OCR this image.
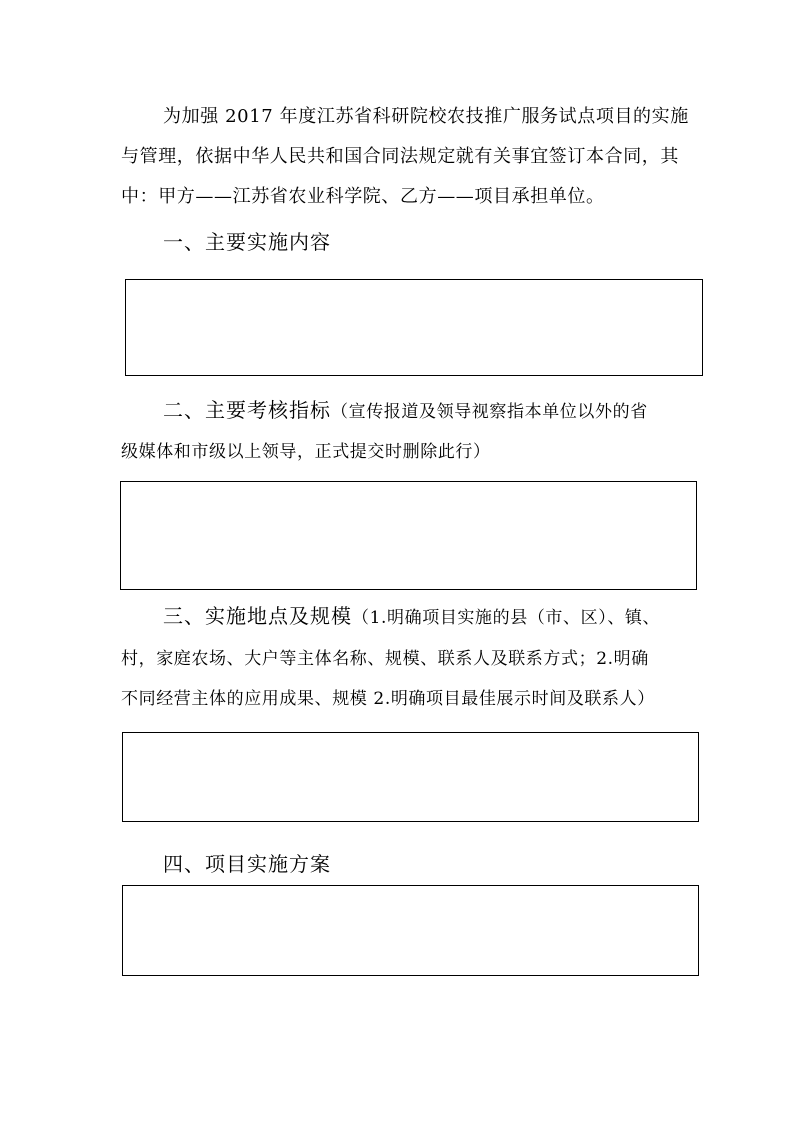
为加强 2017 年度江苏省科研院校农技推广服务试点项目的实施
与管理，依据中华人民共和国合同法规定就有关事宜签订本合同，其
中：甲方——江苏省农业科学院、乙方——项目承担单位。
一、主要实施内容
二、主要考核指标（宣传报道及领导视察指本单位以外的省
级媒体和市级以上领导，正式提交时删除此行）
三、实施地点及规模（1.明确项目实施的县（市、区）、镇、
村，家庭农场、大户等主体名称、规模、联系人及联系方式；2.明确
不同经营主体的应用成果、规模 2.明确项目最佳展示时间及联系人）
四、项目实施方案
